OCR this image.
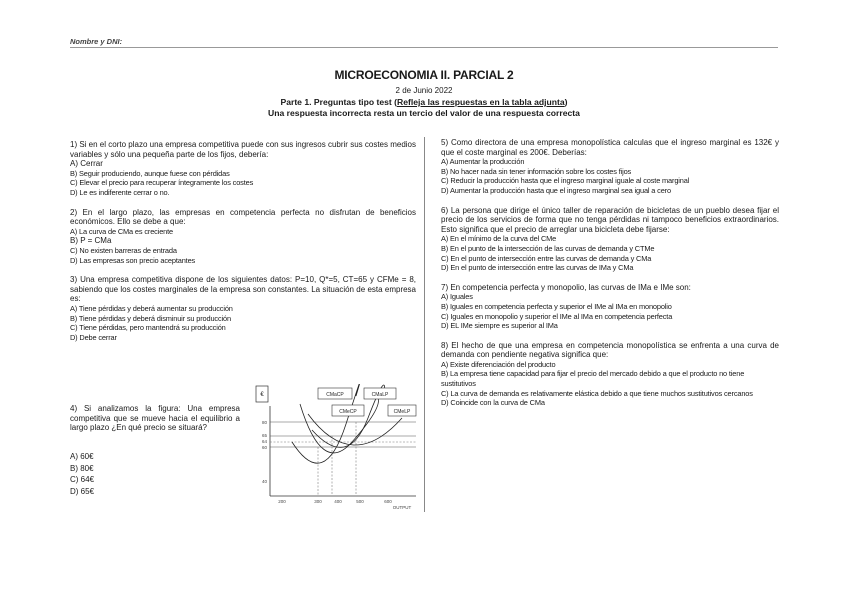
Nombre y DNI:
MICROECONOMIA II. PARCIAL 2
2 de Junio 2022
Parte 1. Preguntas tipo test (Refleja las respuestas en la tabla adjunta)
Una respuesta incorrecta resta un tercio del valor de una respuesta correcta
1) Si en el corto plazo una empresa competitiva puede con sus ingresos cubrir sus costes medios variables y sólo una pequeña parte de los fijos, debería:
A) Cerrar
B) Seguir produciendo, aunque fuese con pérdidas
C) Elevar el precio para recuperar íntegramente los costes
D) Le es indiferente cerrar o no.
2) En el largo plazo, las empresas en competencia perfecta no disfrutan de beneficios económicos. Ello se debe a que:
A) La curva de CMa es creciente
B) P = CMa
C) No existen barreras de entrada
D) Las empresas son precio aceptantes
3) Una empresa competitiva dispone de los siguientes datos: P=10, Q*=5, CT=65 y CFMe = 8, sabiendo que los costes marginales de la empresa son constantes. La situación de esta empresa es:
A) Tiene pérdidas y deberá aumentar su producción
B) Tiene pérdidas y deberá disminuir su producción
C) Tiene pérdidas, pero mantendrá su producción
D) Debe cerrar
4) Si analizamos la figura: Una empresa competitiva que se mueve hacia el equilibrio a largo plazo ¿En qué precio se situará?
A) 60€
B) 80€
C) 64€
D) 65€
€	CMaCP	CMaLP
CMeCP	CMeLP
80
65
64
60
40
200	300	400	500	600
OUTPUT
5) Como directora de una empresa monopolística calculas que el ingreso marginal es 132€ y que el coste marginal es 200€. Deberías:
A) Aumentar la producción
B) No hacer nada sin tener información sobre los costes fijos
C) Reducir la producción hasta que el ingreso marginal iguale al coste marginal
D) Aumentar la producción hasta que el ingreso marginal sea igual a cero
6) La persona que dirige el único taller de reparación de bicicletas de un pueblo desea fijar el precio de los servicios de forma que no tenga pérdidas ni tampoco beneficios extraordinarios. Esto significa que el precio de arreglar una bicicleta debe fijarse:
A) En el mínimo de la curva del CMe
B) En el punto de la intersección de las curvas de demanda y CTMe
C) En el punto de intersección entre las curvas de demanda y CMa
D) En el punto de intersección entre las curvas de IMa y CMa
7) En competencia perfecta y monopolio, las curvas de IMa e IMe son:
A) Iguales
B) Iguales en competencia perfecta y superior el IMe al IMa en monopolio
C) Iguales en monopolio y superior el IMe al IMa en competencia perfecta
D) EL IMe siempre es superior al IMa
8) El hecho de que una empresa en competencia monopolística se enfrenta a una curva de demanda con pendiente negativa significa que:
A) Existe diferenciación del producto
B) La empresa tiene capacidad para fijar el precio del mercado debido a que el producto no tiene sustitutivos
C) La curva de demanda es relativamente elástica debido a que tiene muchos sustitutivos cercanos
D) Coincide con la curva de CMa
